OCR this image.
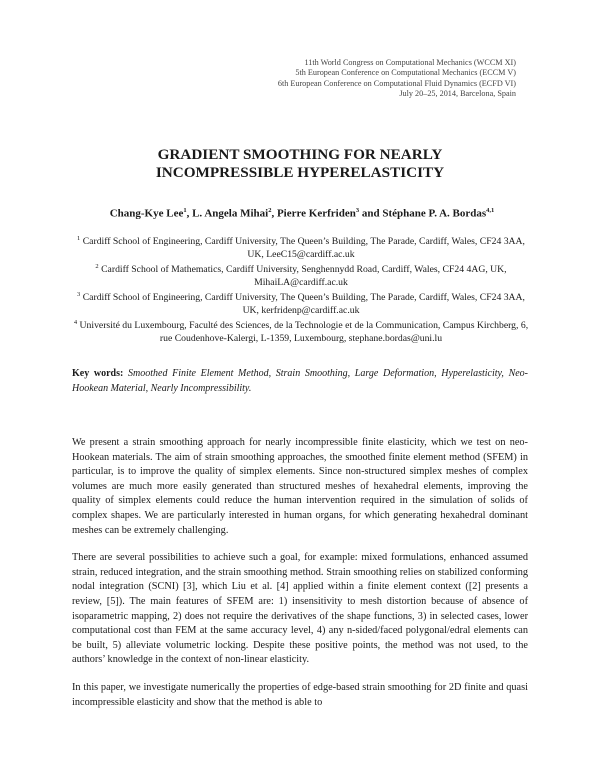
11th World Congress on Computational Mechanics (WCCM XI)
5th European Conference on Computational Mechanics (ECCM V)
6th European Conference on Computational Fluid Dynamics (ECFD VI)
July 20–25, 2014, Barcelona, Spain
GRADIENT SMOOTHING FOR NEARLY
INCOMPRESSIBLE HYPERELASTICITY
Chang-Kye Lee$^1$, L. Angela Mihai$^2$, Pierre Kerfriden$^3$ and Stéphane P. A. Bordas$^{4,1}$
$^1$ Cardiff School of Engineering, Cardiff University, The Queen’s Building, The Parade, Cardiff, Wales, CF24 3AA, UK, LeeC15@cardiff.ac.uk
$^2$ Cardiff School of Mathematics, Cardiff University, Senghennydd Road, Cardiff, Wales, CF24 4AG, UK, MihaiLA@cardiff.ac.uk
$^3$ Cardiff School of Engineering, Cardiff University, The Queen’s Building, The Parade, Cardiff, Wales, CF24 3AA, UK, kerfridenp@cardiff.ac.uk
$^4$ Université du Luxembourg, Faculté des Sciences, de la Technologie et de la Communication, Campus Kirchberg, 6, rue Coudenhove-Kalergi, L-1359, Luxembourg, stephane.bordas@uni.lu
Key words: Smoothed Finite Element Method, Strain Smoothing, Large Deformation, Hyperelasticity, Neo-Hookean Material, Nearly Incompressibility.

We present a strain smoothing approach for nearly incompressible finite elasticity, which we test on neo-Hookean materials. The aim of strain smoothing approaches, the smoothed finite element method (SFEM) in particular, is to improve the quality of simplex elements. Since non-structured simplex meshes of complex volumes are much more easily generated than structured meshes of hexahedral elements, improving the quality of simplex elements could reduce the human intervention required in the simulation of solids of complex shapes. We are particularly interested in human organs, for which generating hexahedral dominant meshes can be extremely challenging.

There are several possibilities to achieve such a goal, for example: mixed formulations, enhanced assumed strain, reduced integration, and the strain smoothing method. Strain smoothing relies on stabilized conforming nodal integration (SCNI) [3], which Liu et al. [4] applied within a finite element context ([2] presents a review, [5]). The main features of SFEM are: 1) insensitivity to mesh distortion because of absence of isoparametric mapping, 2) does not require the derivatives of the shape functions, 3) in selected cases, lower computational cost than FEM at the same accuracy level, 4) any n-sided/faced polygonal/edral elements can be built, 5) alleviate volumetric locking. Despite these positive points, the method was not used, to the authors’ knowledge in the context of non-linear elasticity.

In this paper, we investigate numerically the properties of edge-based strain smoothing for 2D finite and quasi incompressible elasticity and show that the method is able to
